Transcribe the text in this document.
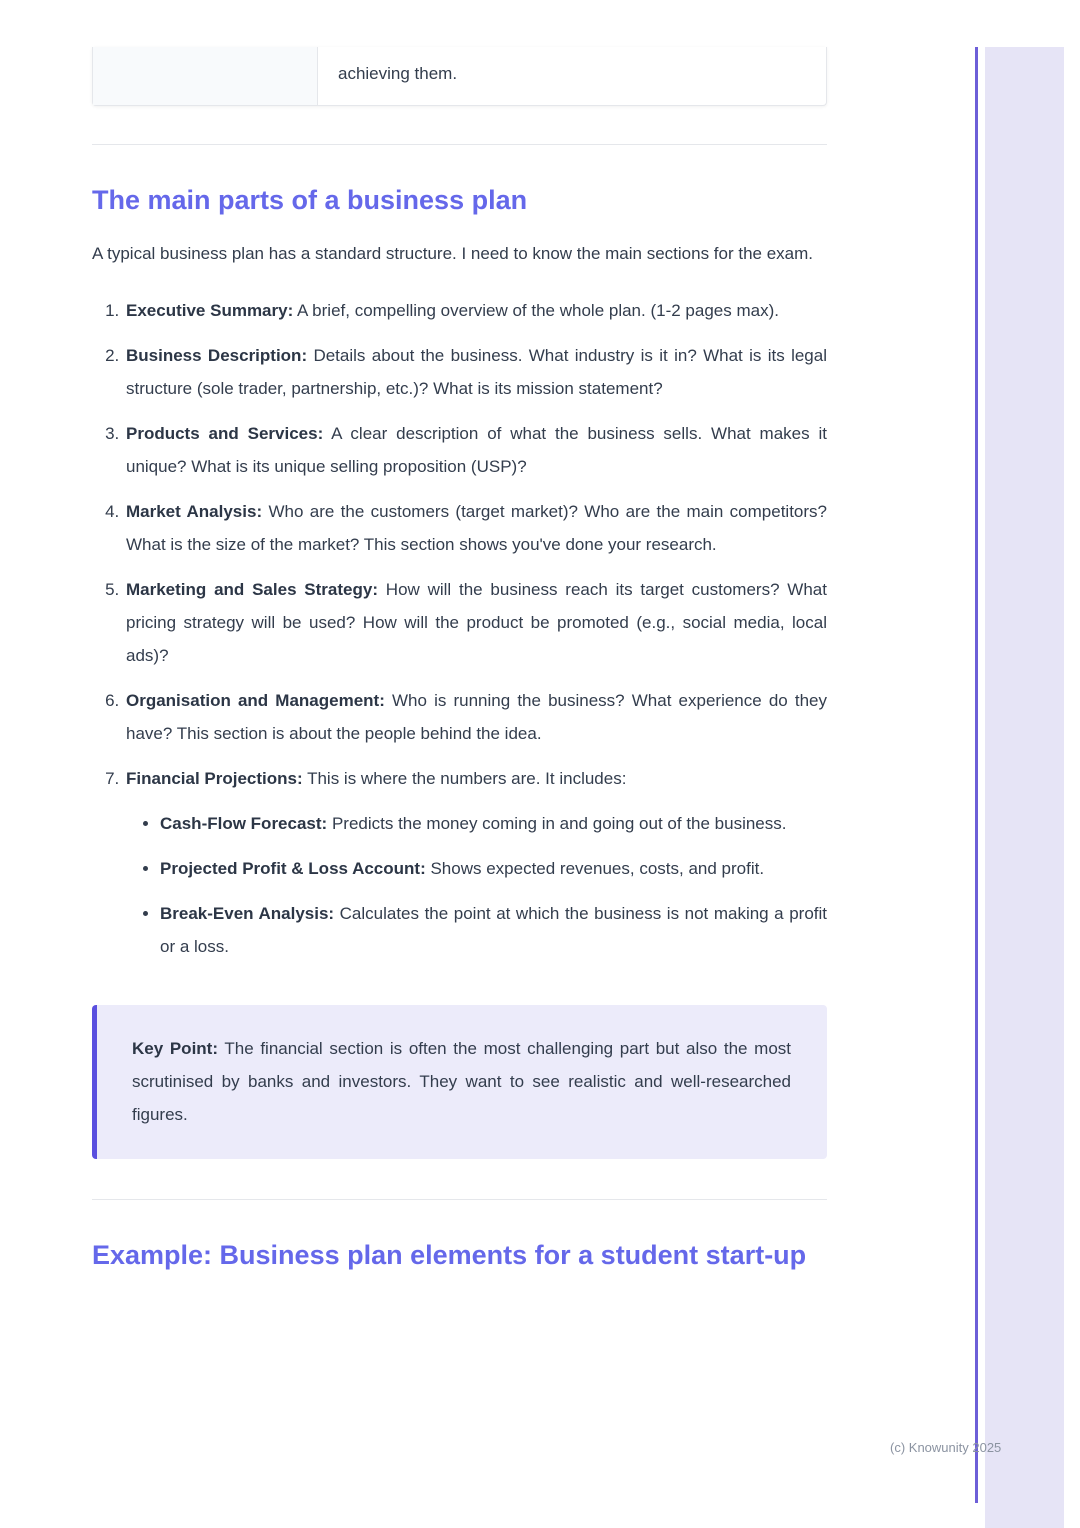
achieving them.
The main parts of a business plan

A typical business plan has a standard structure. I need to know the main sections for the exam.

1. Executive Summary: A brief, compelling overview of the whole plan. (1-2 pages max).
2. Business Description: Details about the business. What industry is it in? What is its legal structure (sole trader, partnership, etc.)? What is its mission statement?
3. Products and Services: A clear description of what the business sells. What makes it unique? What is its unique selling proposition (USP)?
4. Market Analysis: Who are the customers (target market)? Who are the main competitors? What is the size of the market? This section shows you've done your research.
5. Marketing and Sales Strategy: How will the business reach its target customers? What pricing strategy will be used? How will the product be promoted (e.g., social media, local ads)?
6. Organisation and Management: Who is running the business? What experience do they have? This section is about the people behind the idea.
7. Financial Projections: This is where the numbers are. It includes:
• Cash-Flow Forecast: Predicts the money coming in and going out of the business.
• Projected Profit & Loss Account: Shows expected revenues, costs, and profit.
• Break-Even Analysis: Calculates the point at which the business is not making a profit or a loss.
Key Point: The financial section is often the most challenging part but also the most scrutinised by banks and investors. They want to see realistic and well-researched figures.
Example: Business plan elements for a student start-up
(c) Knowunity 2025
